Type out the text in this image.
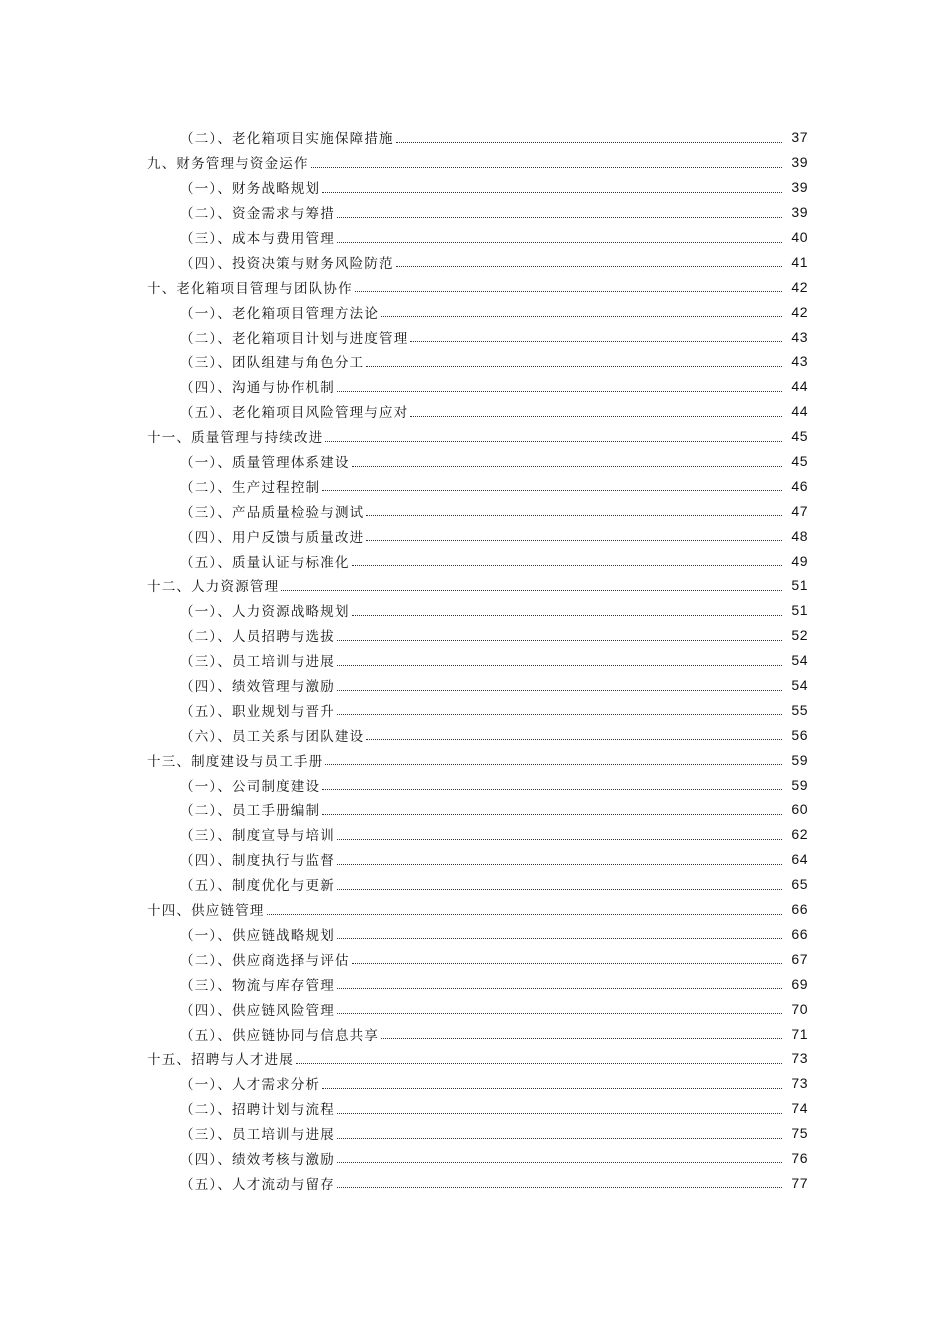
（二）、老化箱项目实施保障措施	37
九、财务管理与资金运作	39
（一）、财务战略规划	39
（二）、资金需求与筹措	39
（三）、成本与费用管理	40
（四）、投资决策与财务风险防范	41
十、老化箱项目管理与团队协作	42
（一）、老化箱项目管理方法论	42
（二）、老化箱项目计划与进度管理	43
（三）、团队组建与角色分工	43
（四）、沟通与协作机制	44
（五）、老化箱项目风险管理与应对	44
十一、质量管理与持续改进	45
（一）、质量管理体系建设	45
（二）、生产过程控制	46
（三）、产品质量检验与测试	47
（四）、用户反馈与质量改进	48
（五）、质量认证与标准化	49
十二、人力资源管理	51
（一）、人力资源战略规划	51
（二）、人员招聘与选拔	52
（三）、员工培训与进展	54
（四）、绩效管理与激励	54
（五）、职业规划与晋升	55
（六）、员工关系与团队建设	56
十三、制度建设与员工手册	59
（一）、公司制度建设	59
（二）、员工手册编制	60
（三）、制度宣导与培训	62
（四）、制度执行与监督	64
（五）、制度优化与更新	65
十四、供应链管理	66
（一）、供应链战略规划	66
（二）、供应商选择与评估	67
（三）、物流与库存管理	69
（四）、供应链风险管理	70
（五）、供应链协同与信息共享	71
十五、招聘与人才进展	73
（一）、人才需求分析	73
（二）、招聘计划与流程	74
（三）、员工培训与进展	75
（四）、绩效考核与激励	76
（五）、人才流动与留存	77
